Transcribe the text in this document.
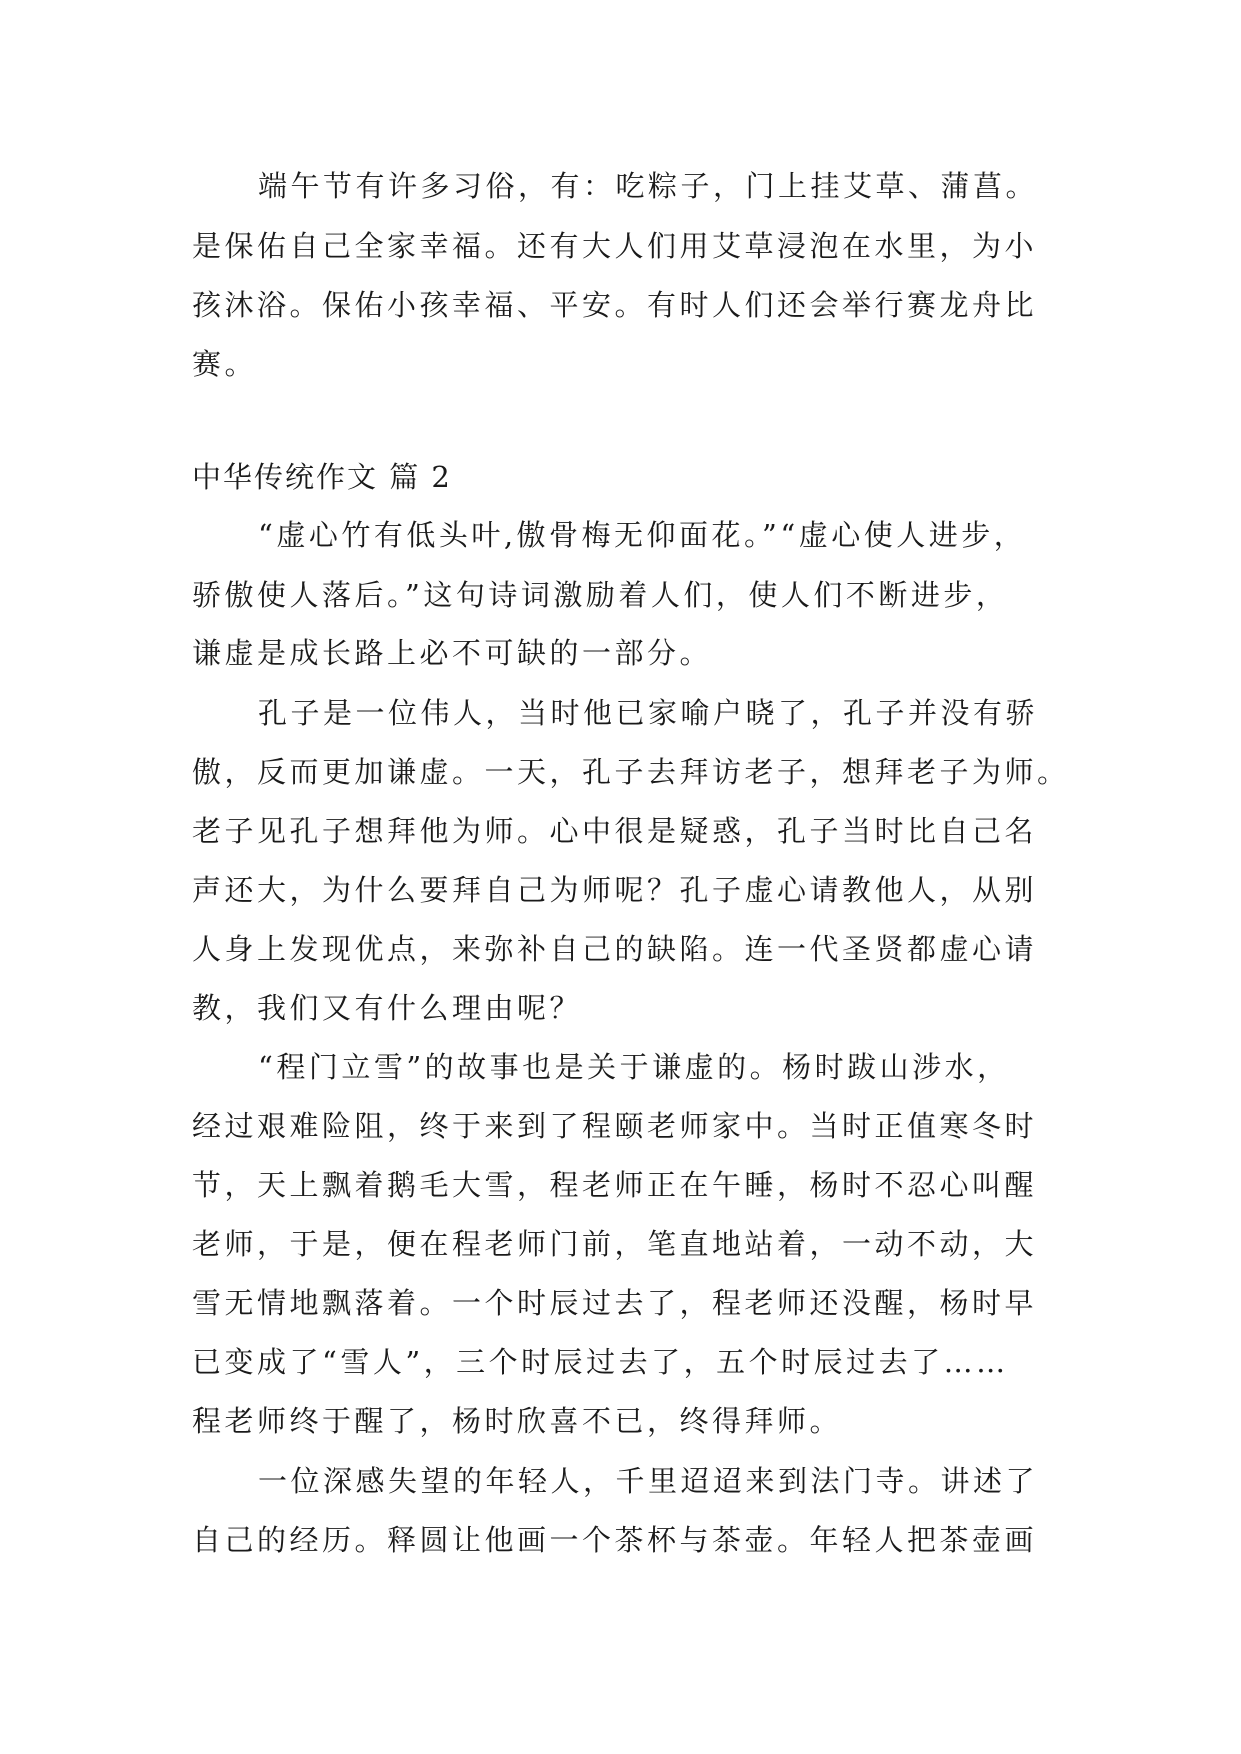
端午节有许多习俗，有：吃粽子，门上挂艾草、蒲菖。
是保佑自己全家幸福。还有大人们用艾草浸泡在水里，为小
孩沐浴。保佑小孩幸福、平安。有时人们还会举行赛龙舟比
赛。
中华传统作文 篇 2
“虚心竹有低头叶,傲骨梅无仰面花。”“虚心使人进步，
骄傲使人落后。”这句诗词激励着人们，使人们不断进步，
谦虚是成长路上必不可缺的一部分。
孔子是一位伟人，当时他已家喻户晓了，孔子并没有骄
傲，反而更加谦虚。一天，孔子去拜访老子，想拜老子为师。
老子见孔子想拜他为师。心中很是疑惑，孔子当时比自己名
声还大，为什么要拜自己为师呢？孔子虚心请教他人，从别
人身上发现优点，来弥补自己的缺陷。连一代圣贤都虚心请
教，我们又有什么理由呢？
“程门立雪”的故事也是关于谦虚的。杨时跋山涉水，
经过艰难险阻，终于来到了程颐老师家中。当时正值寒冬时
节，天上飘着鹅毛大雪，程老师正在午睡，杨时不忍心叫醒
老师，于是，便在程老师门前，笔直地站着，一动不动，大
雪无情地飘落着。一个时辰过去了，程老师还没醒，杨时早
已变成了“雪人”，三个时辰过去了，五个时辰过去了……
程老师终于醒了，杨时欣喜不已，终得拜师。
一位深感失望的年轻人，千里迢迢来到法门寺。讲述了
自己的经历。释圆让他画一个茶杯与茶壶。年轻人把茶壶画
